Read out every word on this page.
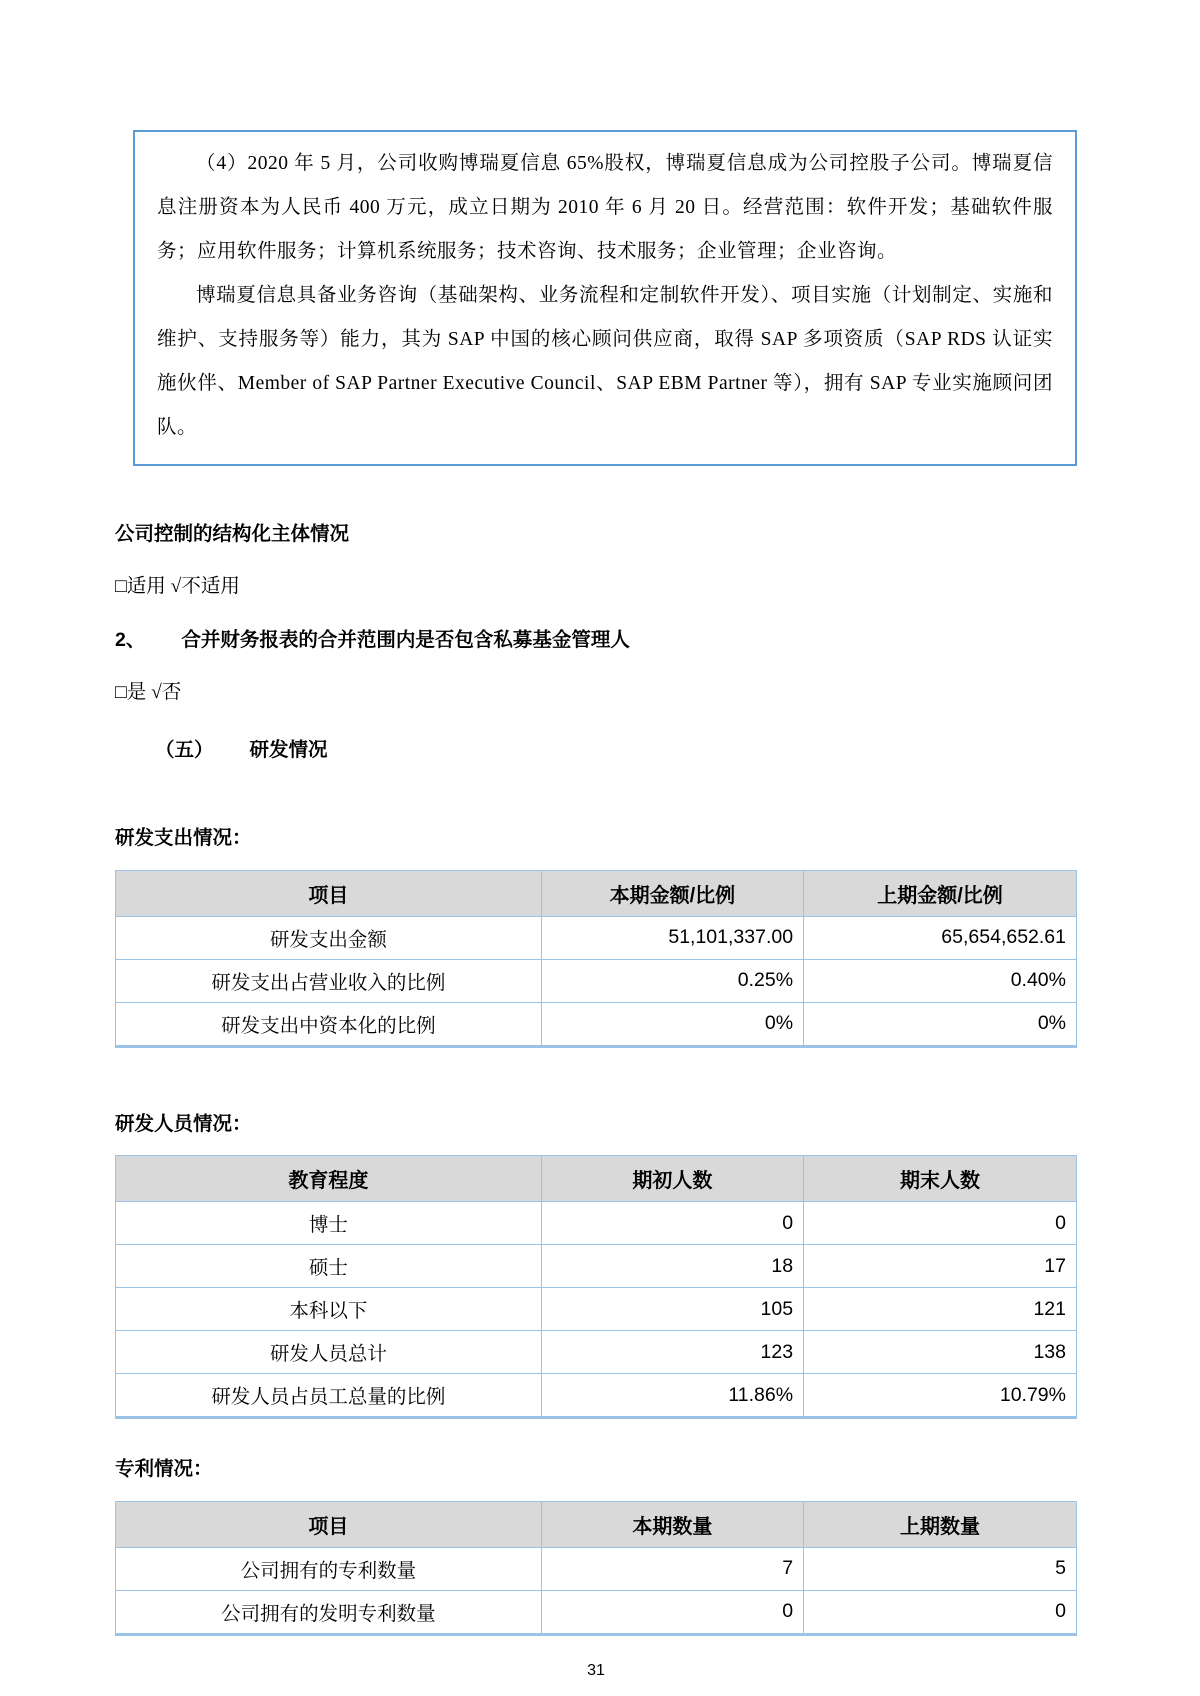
（4）2020 年 5 月，公司收购博瑞夏信息 65%股权，博瑞夏信息成为公司控股子公司。博瑞夏信息注册资本为人民币 400 万元，成立日期为 2010 年 6 月 20 日。经营范围：软件开发；基础软件服务；应用软件服务；计算机系统服务；技术咨询、技术服务；企业管理；企业咨询。

博瑞夏信息具备业务咨询（基础架构、业务流程和定制软件开发）、项目实施（计划制定、实施和维护、支持服务等）能力，其为 SAP 中国的核心顾问供应商，取得 SAP 多项资质（SAP RDS 认证实施伙伴、Member of SAP Partner Executive Council、SAP EBM Partner 等），拥有 SAP 专业实施顾问团队。

公司控制的结构化主体情况

□适用 √不适用
2、 合并财务报表的合并范围内是否包含私募基金管理人
□是 √否
（五） 研发情况

研发支出情况：

项目	本期金额/比例	上期金额/比例
研发支出金额	51,101,337.00	65,654,652.61
研发支出占营业收入的比例	0.25%	0.40%
研发支出中资本化的比例	0%	0%

研发人员情况：

教育程度	期初人数	期末人数
博士	0	0
硕士	18	17
本科以下	105	121
研发人员总计	123	138
研发人员占员工总量的比例	11.86%	10.79%

专利情况：

项目	本期数量	上期数量
公司拥有的专利数量	7	5
公司拥有的发明专利数量	0	0
31
